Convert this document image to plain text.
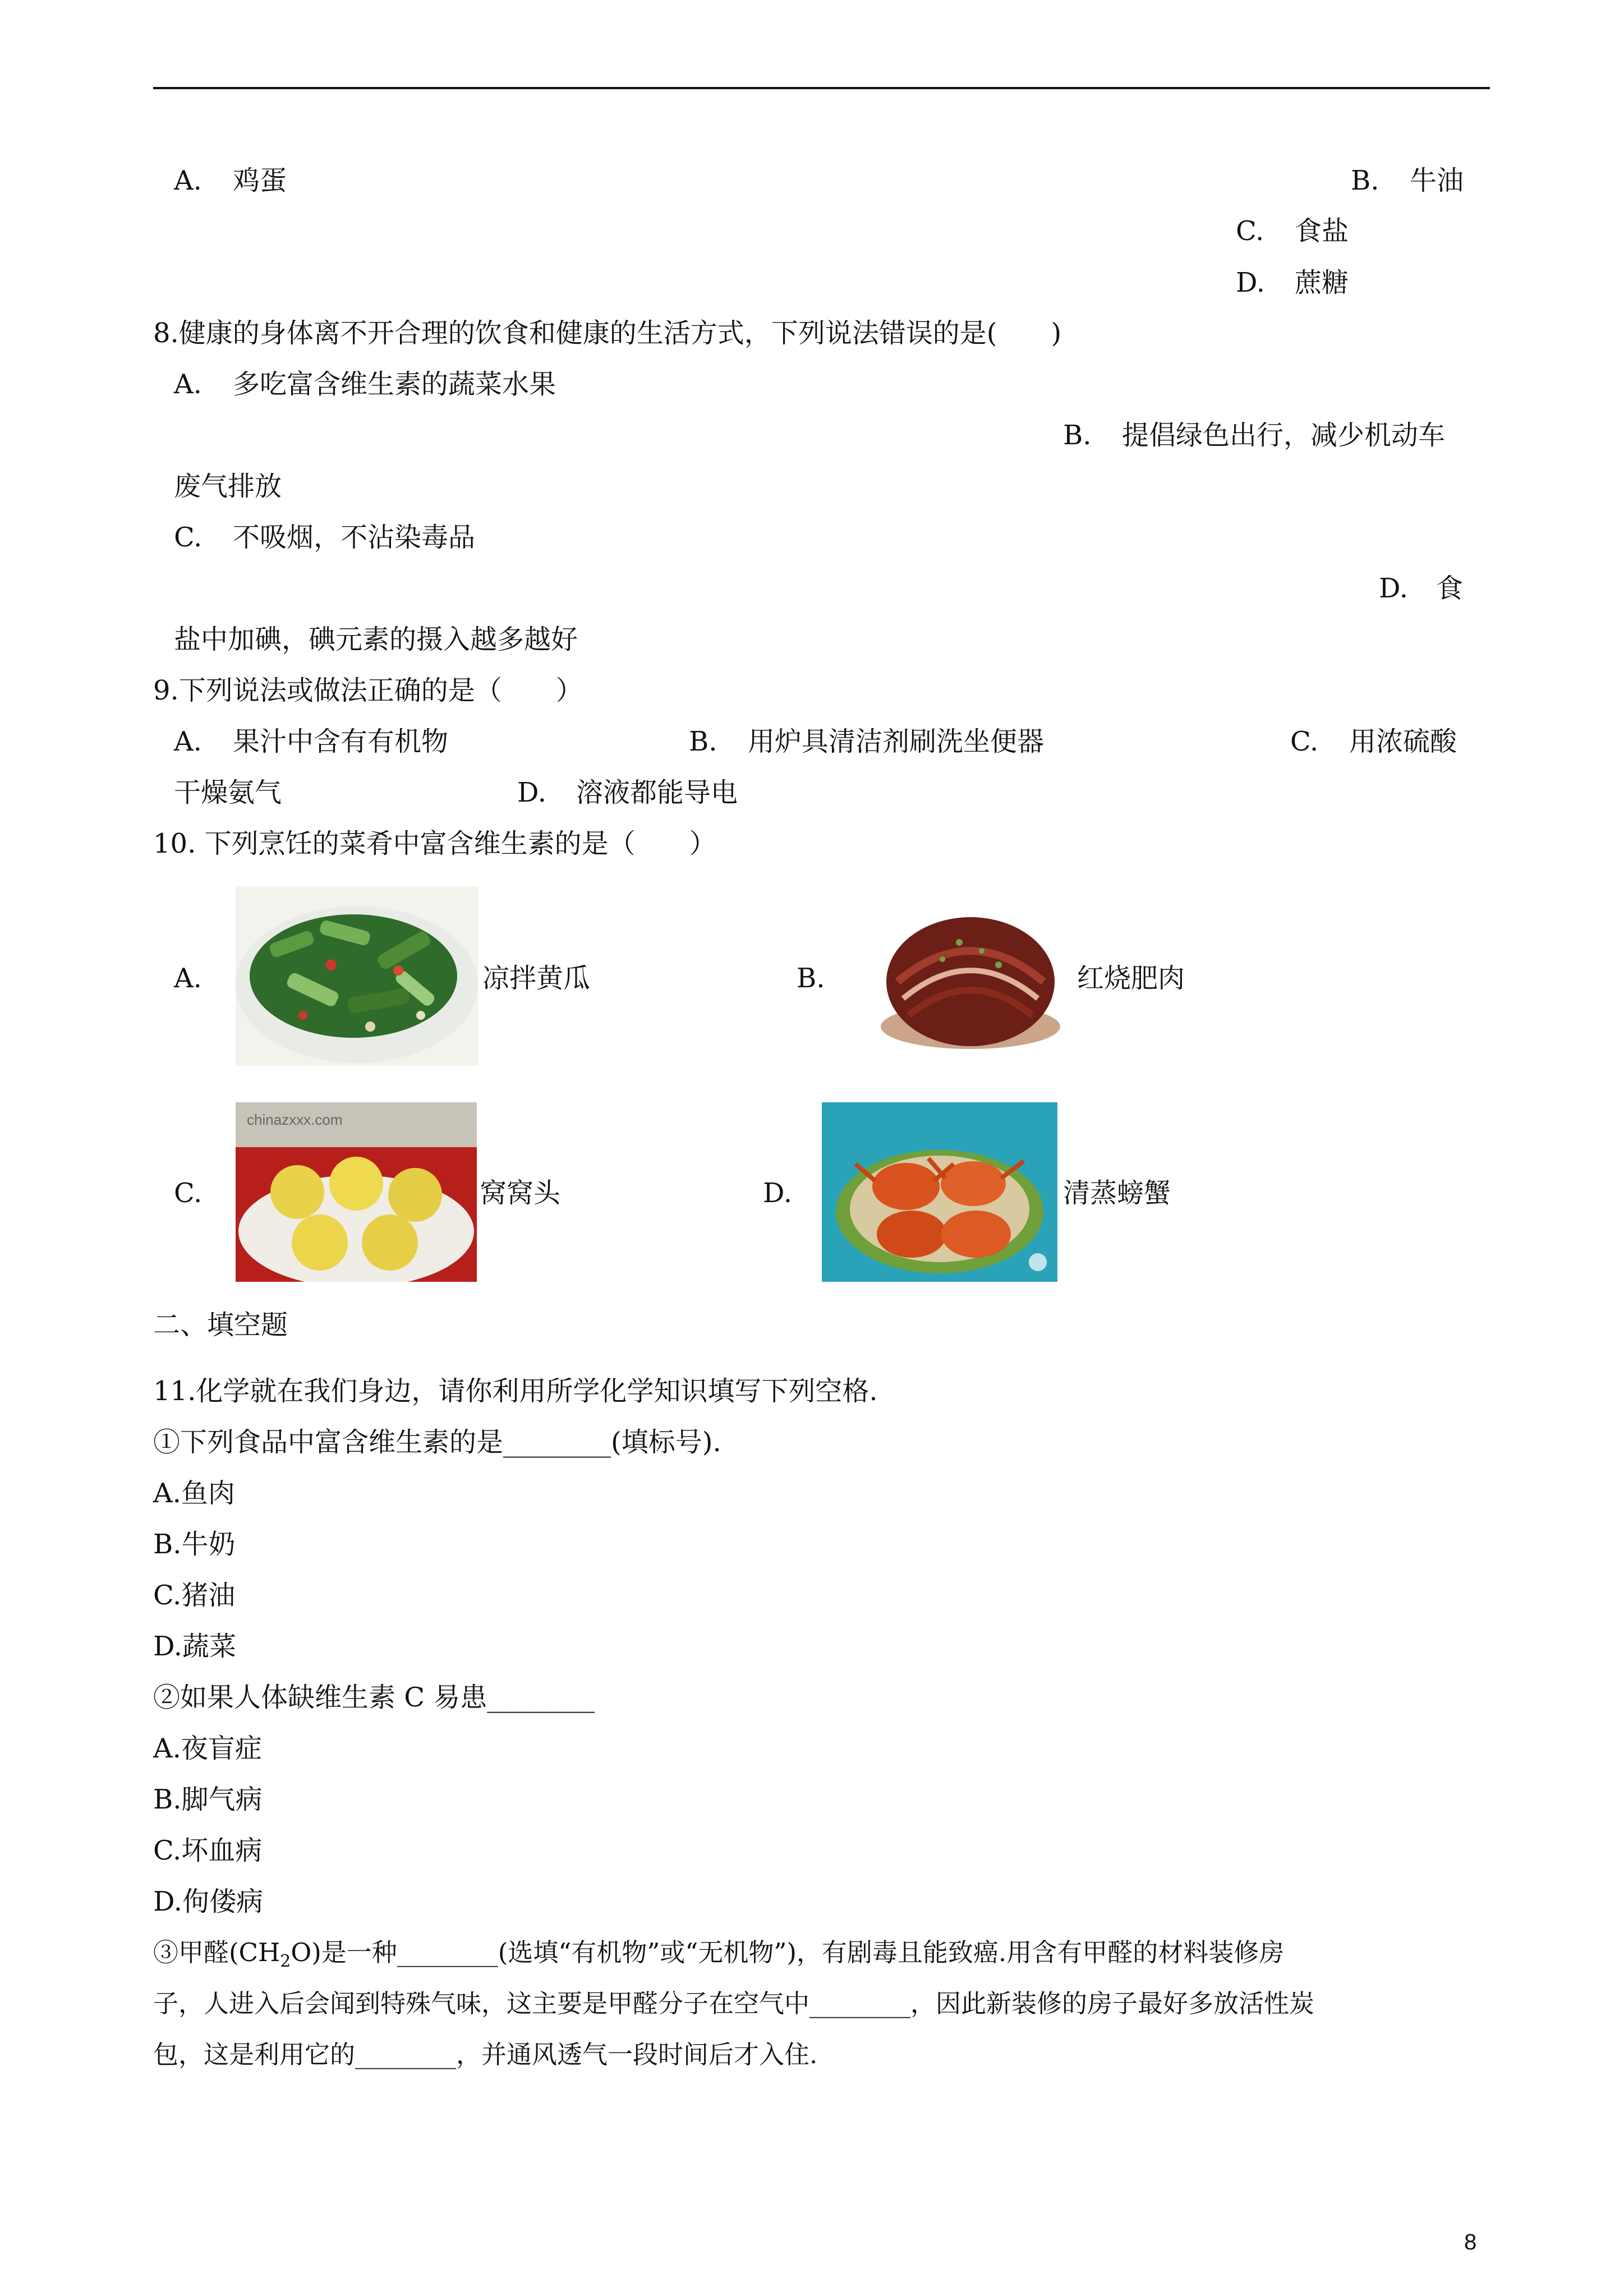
A. 鸡蛋	B. 牛油
C. 食盐
D. 蔗糖
8.健康的身体离不开合理的饮食和健康的生活方式，下列说法错误的是(　　)
A. 多吃富含维生素的蔬菜水果
B. 提倡绿色出行，减少机动车
废气排放
C. 不吸烟，不沾染毒品
D. 食
盐中加碘，碘元素的摄入越多越好
9.下列说法或做法正确的是（　　）
A. 果汁中含有有机物	B. 用炉具清洁剂刷洗坐便器	C. 用浓硫酸
干燥氨气	D. 溶液都能导电
10. 下列烹饪的菜肴中富含维生素的是（　　）
A.	凉拌黄瓜	B.	红烧肥肉
C.
chinazxxx.com
窝窝头	D.	清蒸螃蟹
二、填空题
11.化学就在我们身边，请你利用所学化学知识填写下列空格.
①下列食品中富含维生素的是________(填标号).
A.鱼肉
B.牛奶
C.猪油
D.蔬菜
②如果人体缺维生素 C 易患________
A.夜盲症
B.脚气病
C.坏血病
D.佝偻病
③甲醛$(CH_2O)$是一种________(选填“有机物”或“无机物”)，有剧毒且能致癌.用含有甲醛的材料装修房
子，人进入后会闻到特殊气味，这主要是甲醛分子在空气中________，因此新装修的房子最好多放活性炭
包，这是利用它的________，并通风透气一段时间后才入住.
8
